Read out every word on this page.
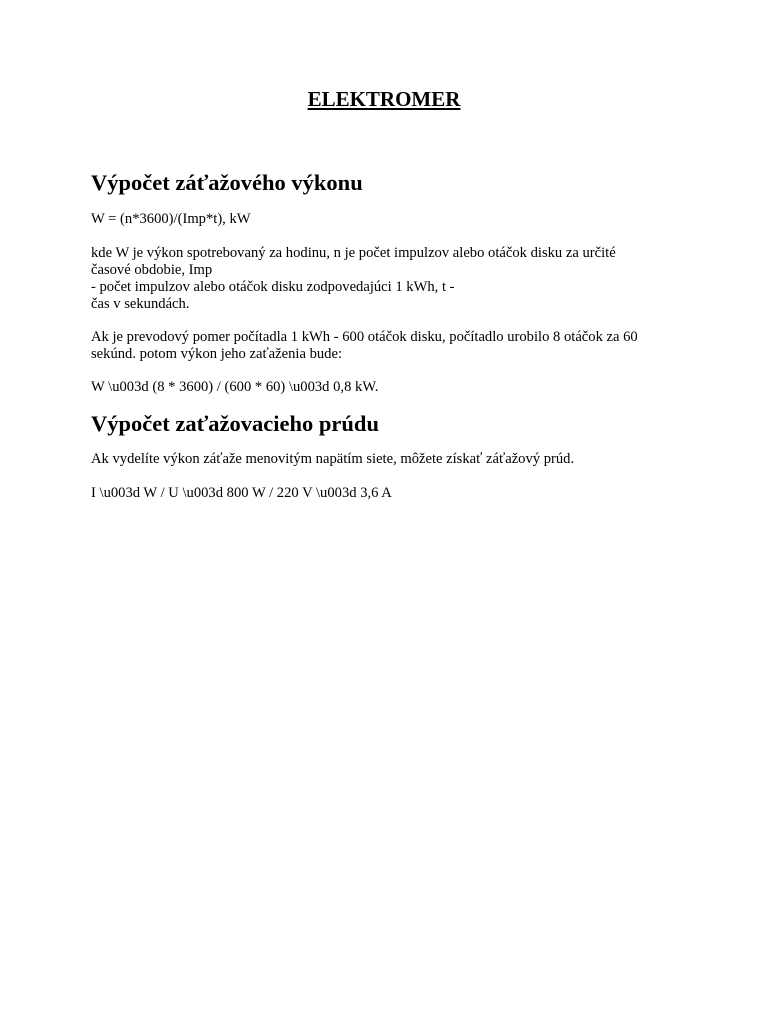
ELEKTROMER
Výpočet záťažového výkonu

W = (n*3600)/(Imp*t), kW

kde W je výkon spotrebovaný za hodinu, n je počet impulzov alebo otáčok disku za určité

časové obdobie, Imp

- počet impulzov alebo otáčok disku zodpovedajúci 1 kWh, t -

čas v sekundách.

Ak je prevodový pomer počítadla 1 kWh - 600 otáčok disku, počítadlo urobilo 8 otáčok za 60

sekúnd. potom výkon jeho zaťaženia bude:

W \u003d (8 * 3600) / (600 * 60) \u003d 0,8 kW.

Výpočet zaťažovacieho prúdu

Ak vydelíte výkon záťaže menovitým napätím siete, môžete získať záťažový prúd.

I \u003d W / U \u003d 800 W / 220 V \u003d 3,6 A
